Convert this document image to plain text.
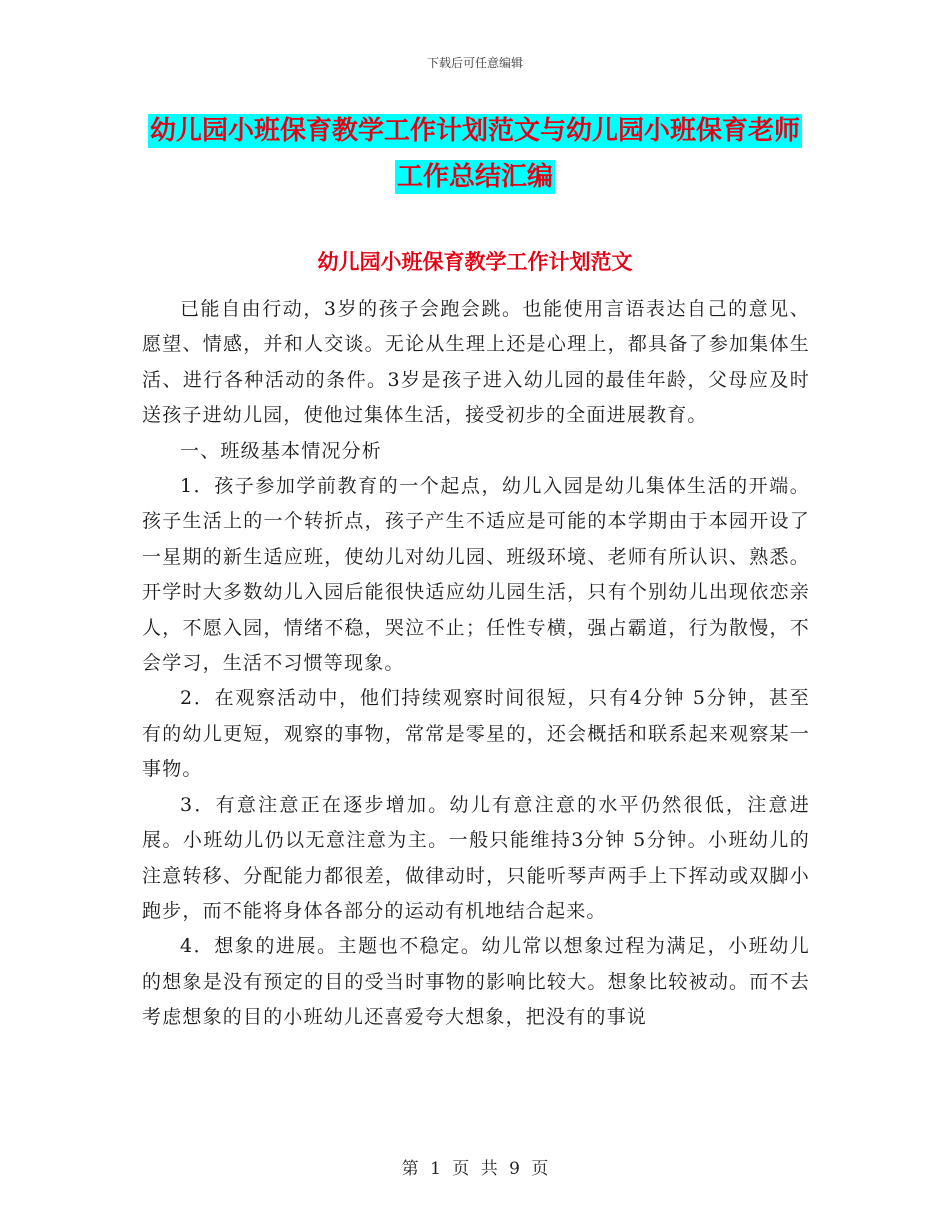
下载后可任意编辑
幼儿园小班保育教学工作计划范文与幼儿园小班保育老师工作总结汇编
幼儿园小班保育教学工作计划范文

已能自由行动，3岁的孩子会跑会跳。也能使用言语表达自己的意见、愿望、情感，并和人交谈。无论从生理上还是心理上，都具备了参加集体生活、进行各种活动的条件。3岁是孩子进入幼儿园的最佳年龄，父母应及时送孩子进幼儿园，使他过集体生活，接受初步的全面进展教育。

一、班级基本情况分析

1．孩子参加学前教育的一个起点，幼儿入园是幼儿集体生活的开端。孩子生活上的一个转折点，孩子产生不适应是可能的本学期由于本园开设了一星期的新生适应班，使幼儿对幼儿园、班级环境、老师有所认识、熟悉。开学时大多数幼儿入园后能很快适应幼儿园生活，只有个别幼儿出现依恋亲人，不愿入园，情绪不稳，哭泣不止；任性专横，强占霸道，行为散慢，不会学习，生活不习惯等现象。

2．在观察活动中，他们持续观察时间很短，只有4分钟 5分钟，甚至有的幼儿更短，观察的事物，常常是零星的，还会概括和联系起来观察某一事物。

3．有意注意正在逐步增加。幼儿有意注意的水平仍然很低，注意进展。小班幼儿仍以无意注意为主。一般只能维持3分钟 5分钟。小班幼儿的注意转移、分配能力都很差，做律动时，只能听琴声两手上下挥动或双脚小跑步，而不能将身体各部分的运动有机地结合起来。

4．想象的进展。主题也不稳定。幼儿常以想象过程为满足，小班幼儿的想象是没有预定的目的受当时事物的影响比较大。想象比较被动。而不去考虑想象的目的小班幼儿还喜爱夸大想象，把没有的事说

第 1 页 共 9 页
